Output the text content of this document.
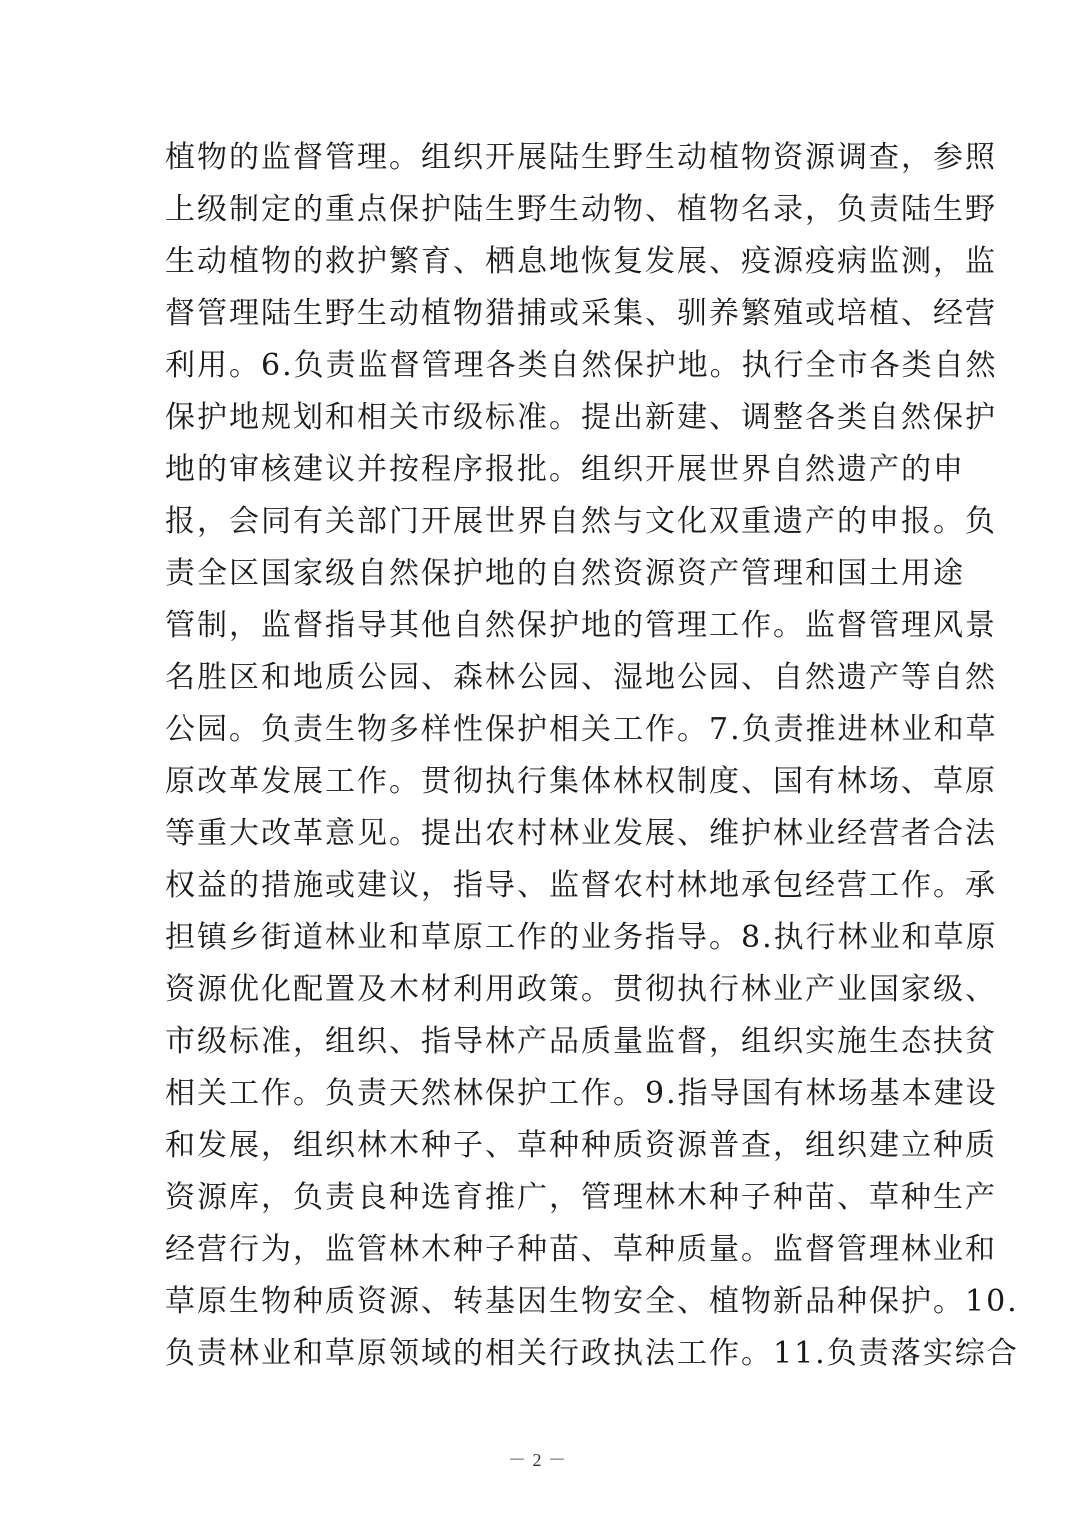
植物的监督管理。组织开展陆生野生动植物资源调查，参照
上级制定的重点保护陆生野生动物、植物名录，负责陆生野
生动植物的救护繁育、栖息地恢复发展、疫源疫病监测，监
督管理陆生野生动植物猎捕或采集、驯养繁殖或培植、经营
利用。6.负责监督管理各类自然保护地。执行全市各类自然
保护地规划和相关市级标准。提出新建、调整各类自然保护
地的审核建议并按程序报批。组织开展世界自然遗产的申
报，会同有关部门开展世界自然与文化双重遗产的申报。负
责全区国家级自然保护地的自然资源资产管理和国土用途
管制，监督指导其他自然保护地的管理工作。监督管理风景
名胜区和地质公园、森林公园、湿地公园、自然遗产等自然
公园。负责生物多样性保护相关工作。7.负责推进林业和草
原改革发展工作。贯彻执行集体林权制度、国有林场、草原
等重大改革意见。提出农村林业发展、维护林业经营者合法
权益的措施或建议，指导、监督农村林地承包经营工作。承
担镇乡街道林业和草原工作的业务指导。8.执行林业和草原
资源优化配置及木材利用政策。贯彻执行林业产业国家级、
市级标准，组织、指导林产品质量监督，组织实施生态扶贫
相关工作。负责天然林保护工作。9.指导国有林场基本建设
和发展，组织林木种子、草种种质资源普查，组织建立种质
资源库，负责良种选育推广，管理林木种子种苗、草种生产
经营行为，监管林木种子种苗、草种质量。监督管理林业和
草原生物种质资源、转基因生物安全、植物新品种保护。10.
负责林业和草原领域的相关行政执法工作。11.负责落实综合
－ 2 －
